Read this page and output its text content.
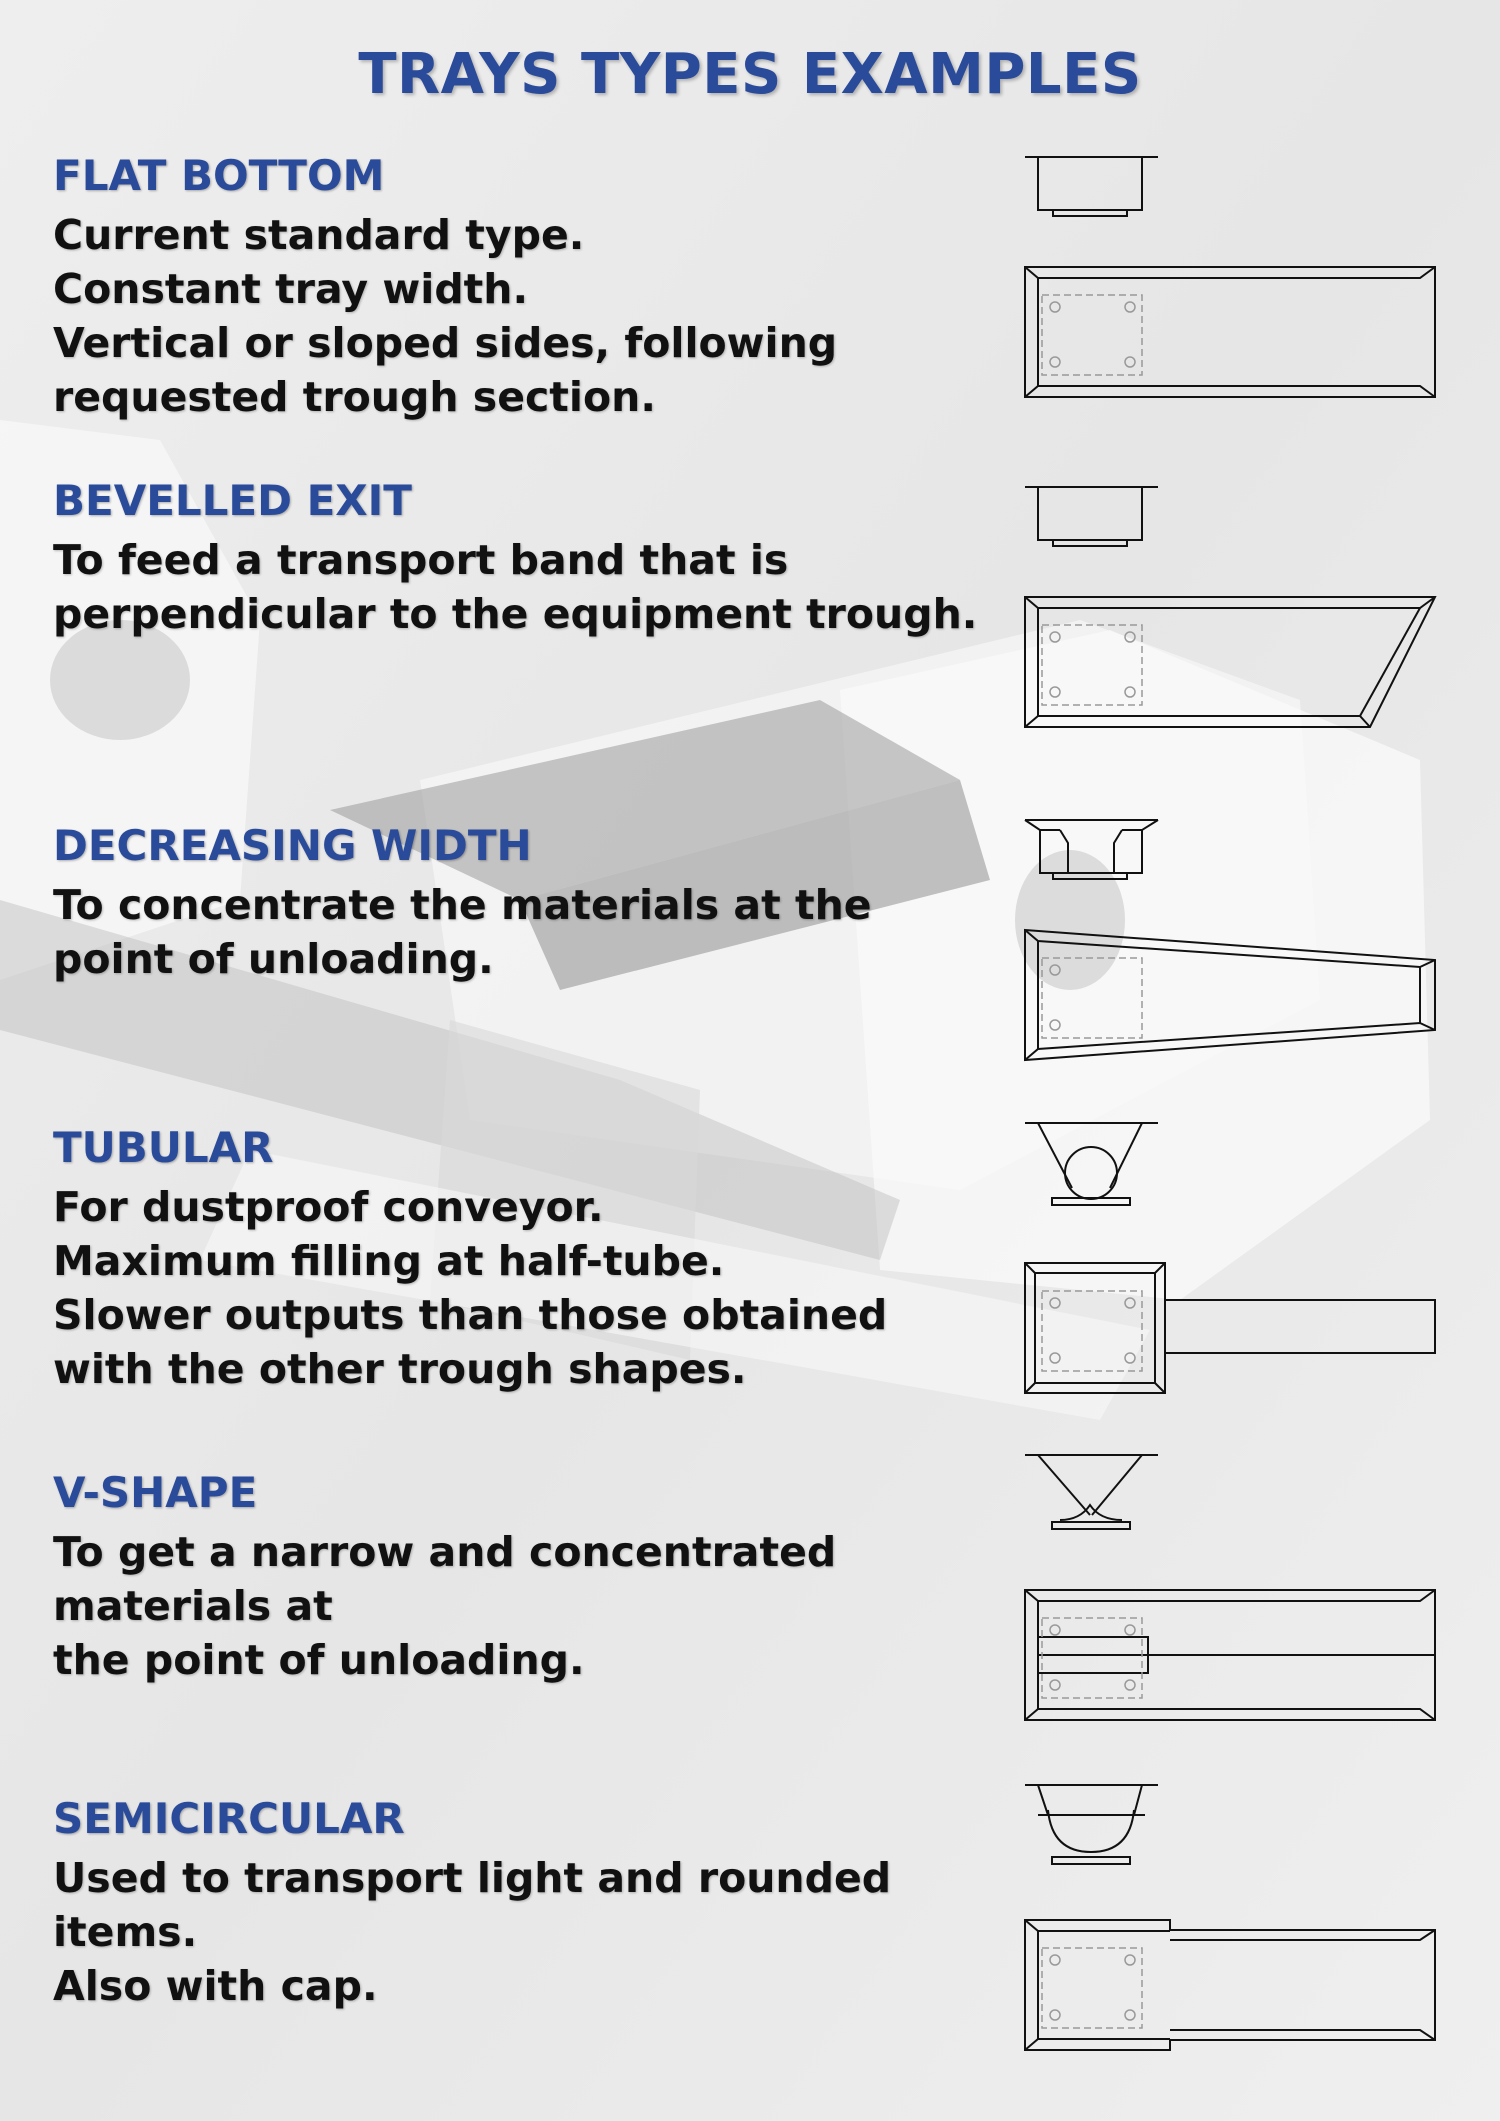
TRAYS TYPES EXAMPLES
FLAT BOTTOM

Current standard type.

Constant tray width.

Vertical or sloped sides, following

requested trough section.

BEVELLED EXIT

To feed a transport band that is

perpendicular to the equipment trough.

DECREASING WIDTH

To concentrate the materials at the

point of unloading.

TUBULAR

For dustproof conveyor.

Maximum filling at half-tube.

Slower outputs than those obtained

with the other trough shapes.

V-SHAPE

To get a narrow and concentrated

materials at

the point of unloading.

SEMICIRCULAR

Used to transport light and rounded items.

Also with cap.
